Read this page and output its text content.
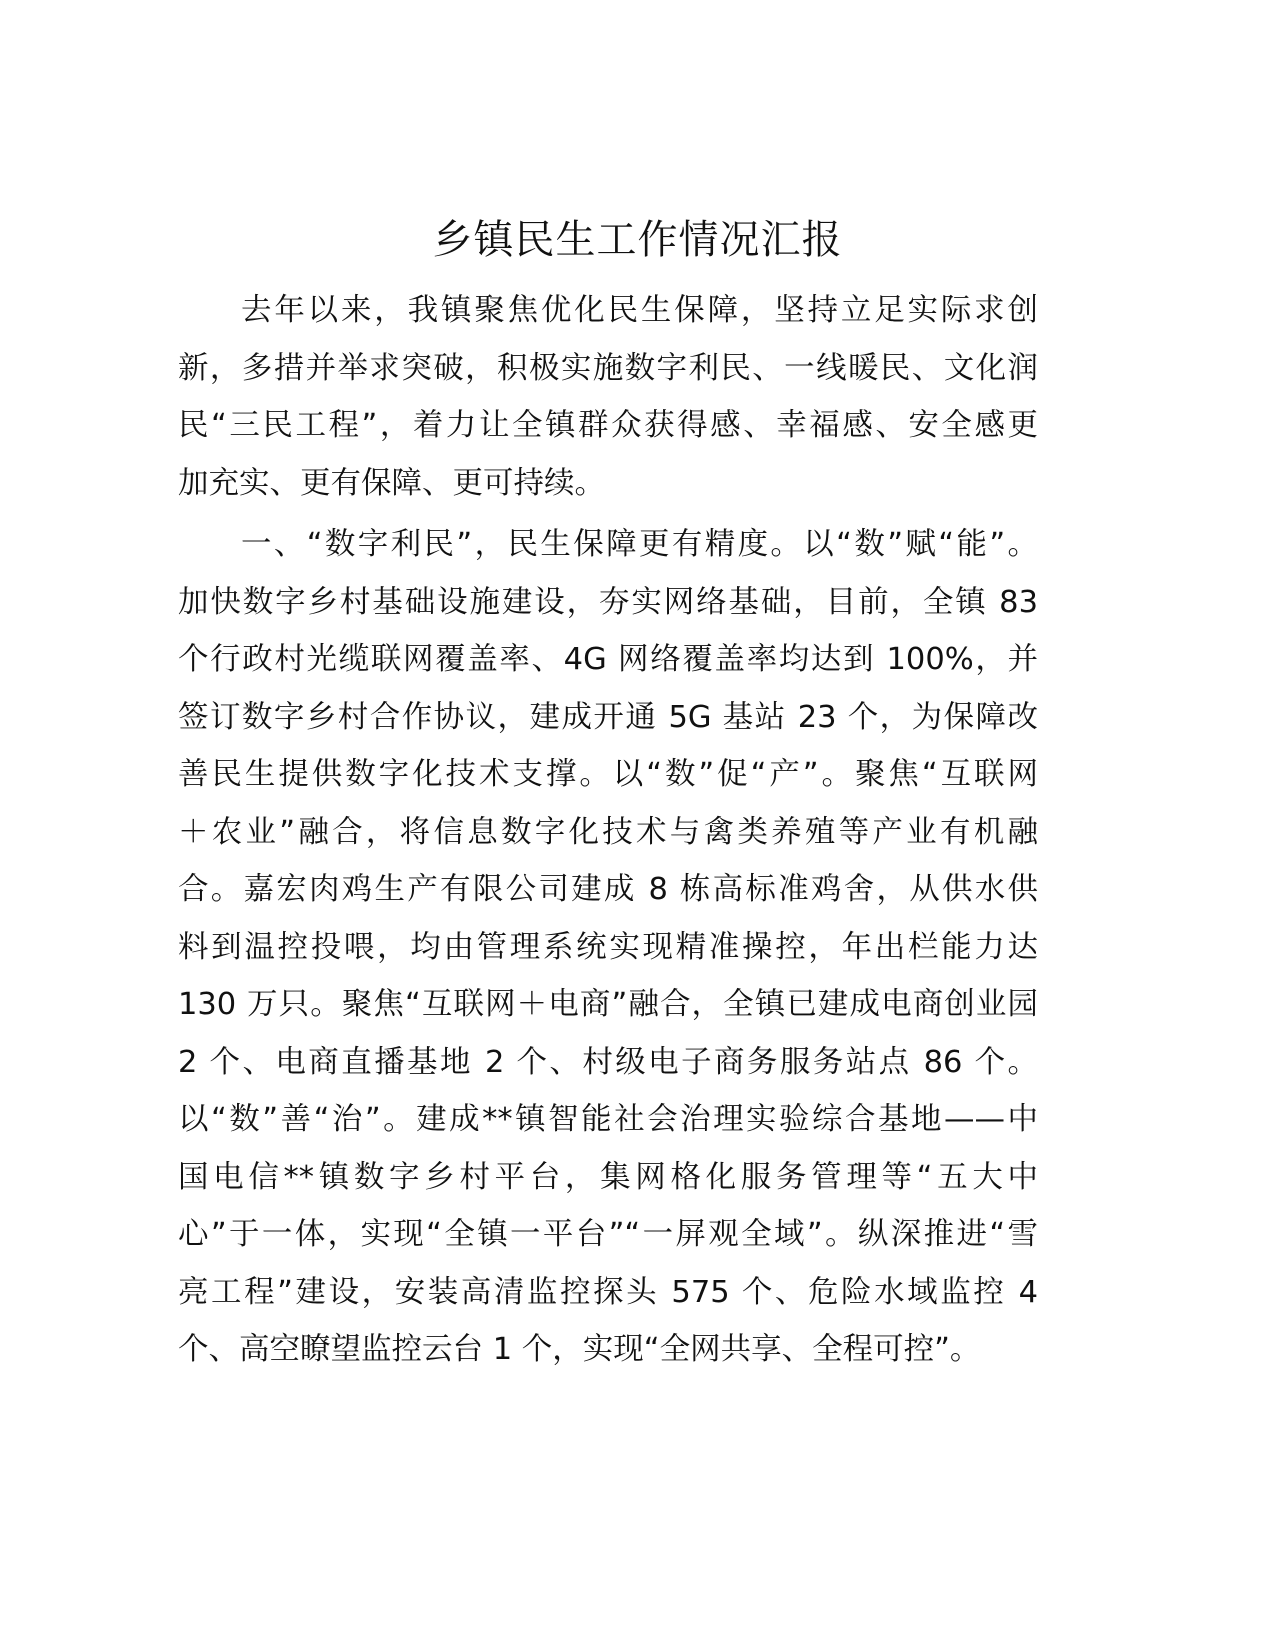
乡镇民生工作情况汇报
去年以来，我镇聚焦优化民生保障，坚持立足实际求创
新，多措并举求突破，积极实施数字利民、一线暖民、文化润
民“三民工程”，着力让全镇群众获得感、幸福感、安全感更
加充实、更有保障、更可持续。
一、“数字利民”，民生保障更有精度。以“数”赋“能”。
加快数字乡村基础设施建设，夯实网络基础，目前，全镇 83
个行政村光缆联网覆盖率、4G 网络覆盖率均达到 100%，并
签订数字乡村合作协议，建成开通 5G 基站 23 个，为保障改
善民生提供数字化技术支撑。以“数”促“产”。聚焦“互联网
＋农业”融合，将信息数字化技术与禽类养殖等产业有机融
合。嘉宏肉鸡生产有限公司建成 8 栋高标准鸡舍，从供水供
料到温控投喂，均由管理系统实现精准操控，年出栏能力达
130 万只。聚焦“互联网＋电商”融合，全镇已建成电商创业园
2 个、电商直播基地 2 个、村级电子商务服务站点 86 个。
以“数”善“治”。建成**镇智能社会治理实验综合基地——中
国电信**镇数字乡村平台，集网格化服务管理等“五大中
心”于一体，实现“全镇一平台”“一屏观全域”。纵深推进“雪
亮工程”建设，安装高清监控探头 575 个、危险水域监控 4
个、高空瞭望监控云台 1 个，实现“全网共享、全程可控”。
